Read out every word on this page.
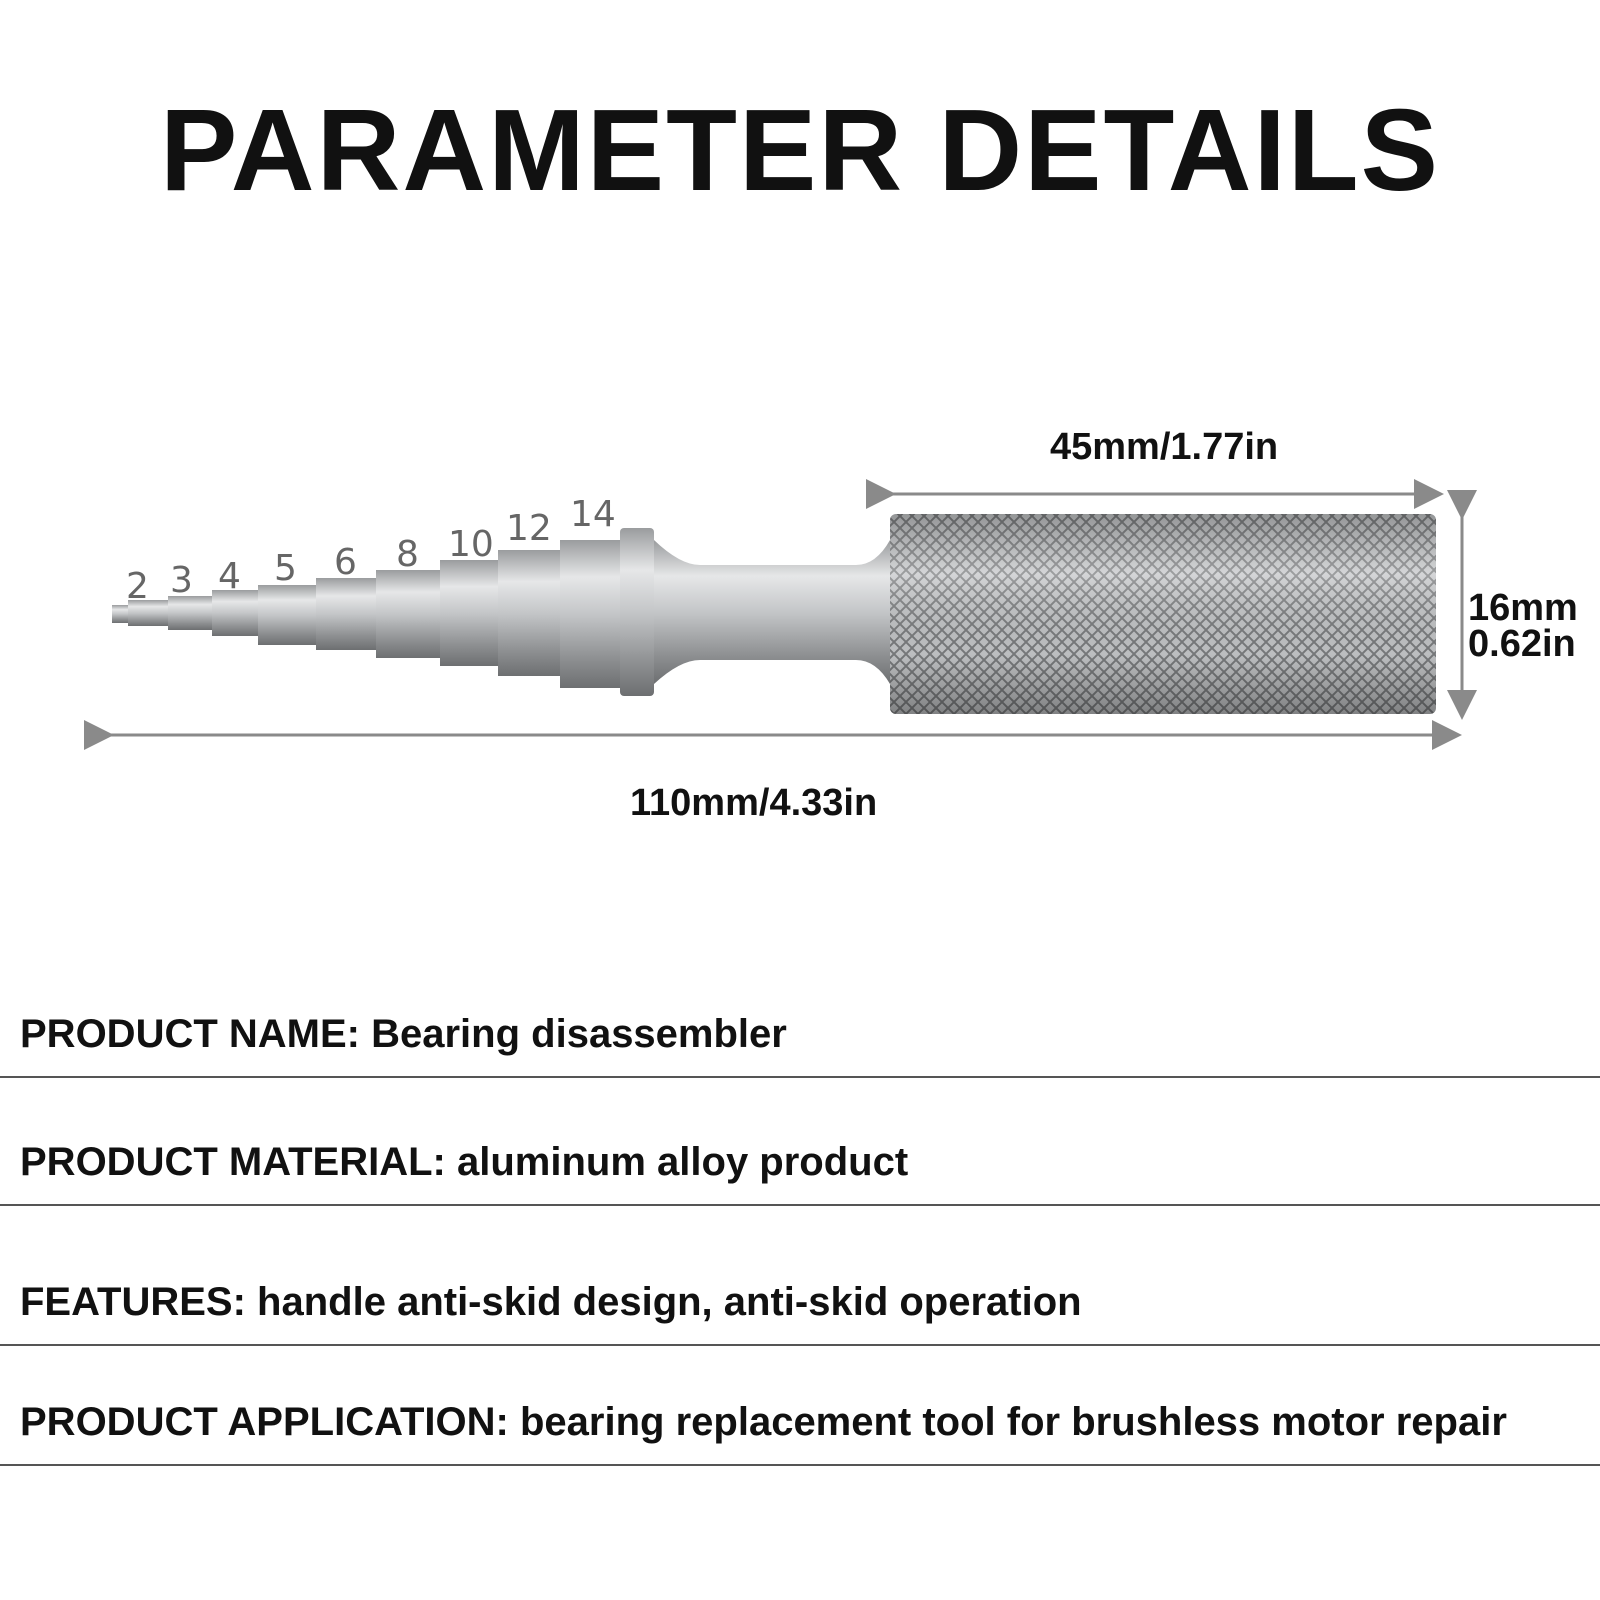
PARAMETER DETAILS
2 3 4 5 6 8 10 12 14
45mm/1.77in
16mm
0.62in
110mm/4.33in
PRODUCT NAME: Bearing disassembler
PRODUCT MATERIAL: aluminum alloy product
FEATURES: handle anti-skid design, anti-skid operation
PRODUCT APPLICATION: bearing replacement tool for brushless motor repair
